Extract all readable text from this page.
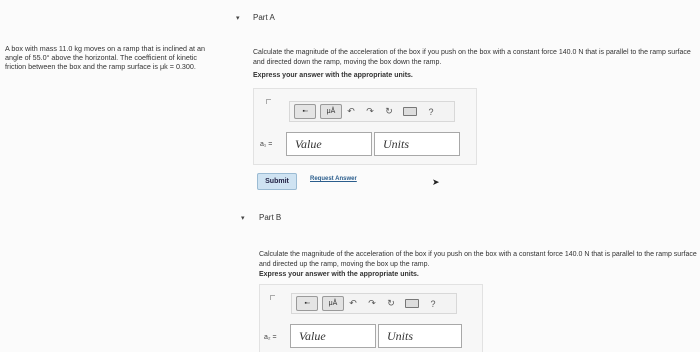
A box with mass 11.0 kg moves on a ramp that is inclined at an angle of 55.0° above the horizontal. The coefficient of kinetic friction between the box and the ramp surface is μk = 0.300.
▾ Part A
Calculate the magnitude of the acceleration of the box if you push on the box with a constant force 140.0 N that is parallel to the ramp surface and directed down the ramp, moving the box down the ramp.
Express your answer with the appropriate units.
▪▫	μÅ ↶ ↷ ↻	?
a₁ =	Value	Units
Submit	Request Answer	➤
▾ Part B
Calculate the magnitude of the acceleration of the box if you push on the box with a constant force 140.0 N that is parallel to the ramp surface and directed up the ramp, moving the box up the ramp.
Express your answer with the appropriate units.
▪▫	μÅ ↶ ↷ ↻	?
a₂ =	Value	Units
